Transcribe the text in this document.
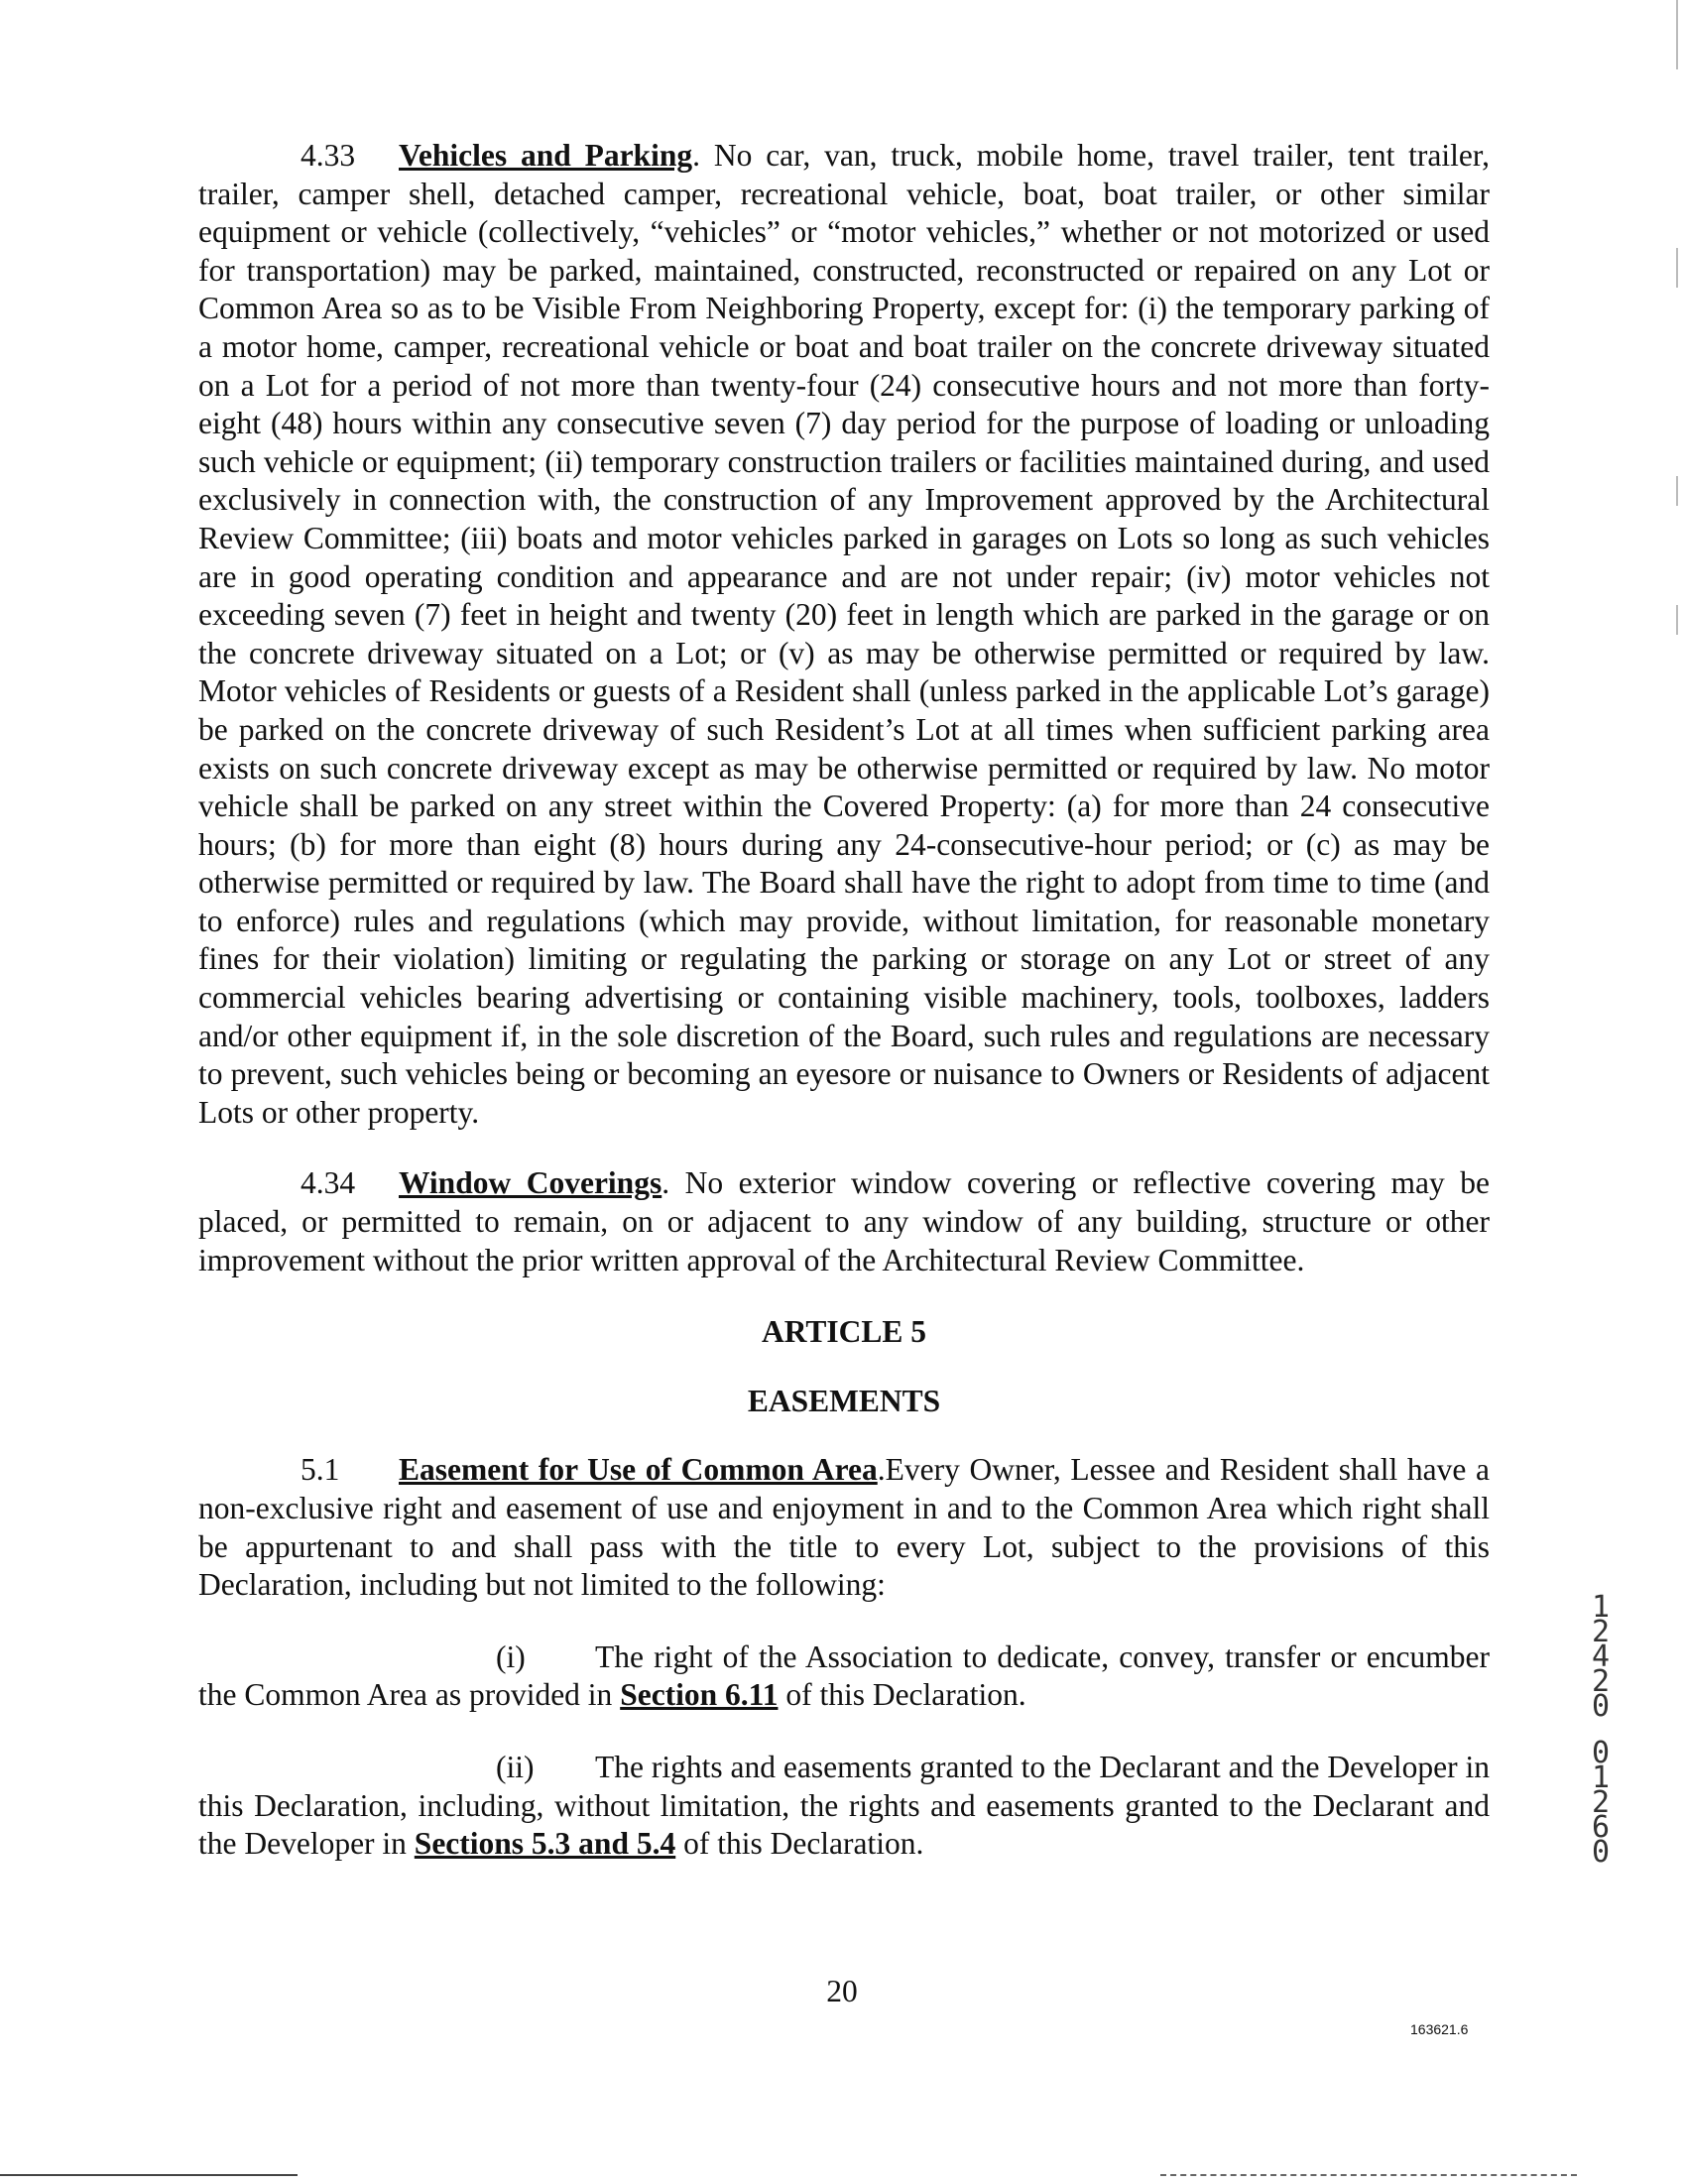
4.33 Vehicles and Parking. No car, van, truck, mobile home, travel trailer, tent trailer, trailer, camper shell, detached camper, recreational vehicle, boat, boat trailer, or other similar equipment or vehicle (collectively, “vehicles” or “motor vehicles,” whether or not motorized or used for transportation) may be parked, maintained, constructed, reconstructed or repaired on any Lot or Common Area so as to be Visible From Neighboring Property, except for: (i) the temporary parking of a motor home, camper, recreational vehicle or boat and boat trailer on the concrete driveway situated on a Lot for a period of not more than twenty-four (24) consecutive hours and not more than forty-eight (48) hours within any consecutive seven (7) day period for the purpose of loading or unloading such vehicle or equipment; (ii) temporary construction trailers or facilities maintained during, and used exclusively in connection with, the construction of any Improvement approved by the Architectural Review Committee; (iii) boats and motor vehicles parked in garages on Lots so long as such vehicles are in good operating condition and appearance and are not under repair; (iv) motor vehicles not exceeding seven (7) feet in height and twenty (20) feet in length which are parked in the garage or on the concrete driveway situated on a Lot; or (v) as may be otherwise permitted or required by law. Motor vehicles of Residents or guests of a Resident shall (unless parked in the applicable Lot’s garage) be parked on the concrete driveway of such Resident’s Lot at all times when sufficient parking area exists on such concrete driveway except as may be otherwise permitted or required by law. No motor vehicle shall be parked on any street within the Covered Property: (a) for more than 24 consecutive hours; (b) for more than eight (8) hours during any 24-consecutive-hour period; or (c) as may be otherwise permitted or required by law. The Board shall have the right to adopt from time to time (and to enforce) rules and regulations (which may provide, without limitation, for reasonable monetary fines for their violation) limiting or regulating the parking or storage on any Lot or street of any commercial vehicles bearing advertising or containing visible machinery, tools, toolboxes, ladders and/or other equipment if, in the sole discretion of the Board, such rules and regulations are necessary to prevent, such vehicles being or becoming an eyesore or nuisance to Owners or Residents of adjacent Lots or other property.

4.34 Window Coverings. No exterior window covering or reflective covering may be placed, or permitted to remain, on or adjacent to any window of any building, structure or other improvement without the prior written approval of the Architectural Review Committee.

ARTICLE 5

EASEMENTS

5.1 Easement for Use of Common Area.Every Owner, Lessee and Resident shall have a non-exclusive right and easement of use and enjoyment in and to the Common Area which right shall be appurtenant to and shall pass with the title to every Lot, subject to the provisions of this Declaration, including but not limited to the following:

(i) The right of the Association to dedicate, convey, transfer or encumber the Common Area as provided in Section 6.11 of this Declaration.

(ii) The rights and easements granted to the Declarant and the Developer in this Declaration, including, without limitation, the rights and easements granted to the Declarant and the Developer in Sections 5.3 and 5.4 of this Declaration.

20
163621.6
1
2
4
2
0
0
1
2
6
0
